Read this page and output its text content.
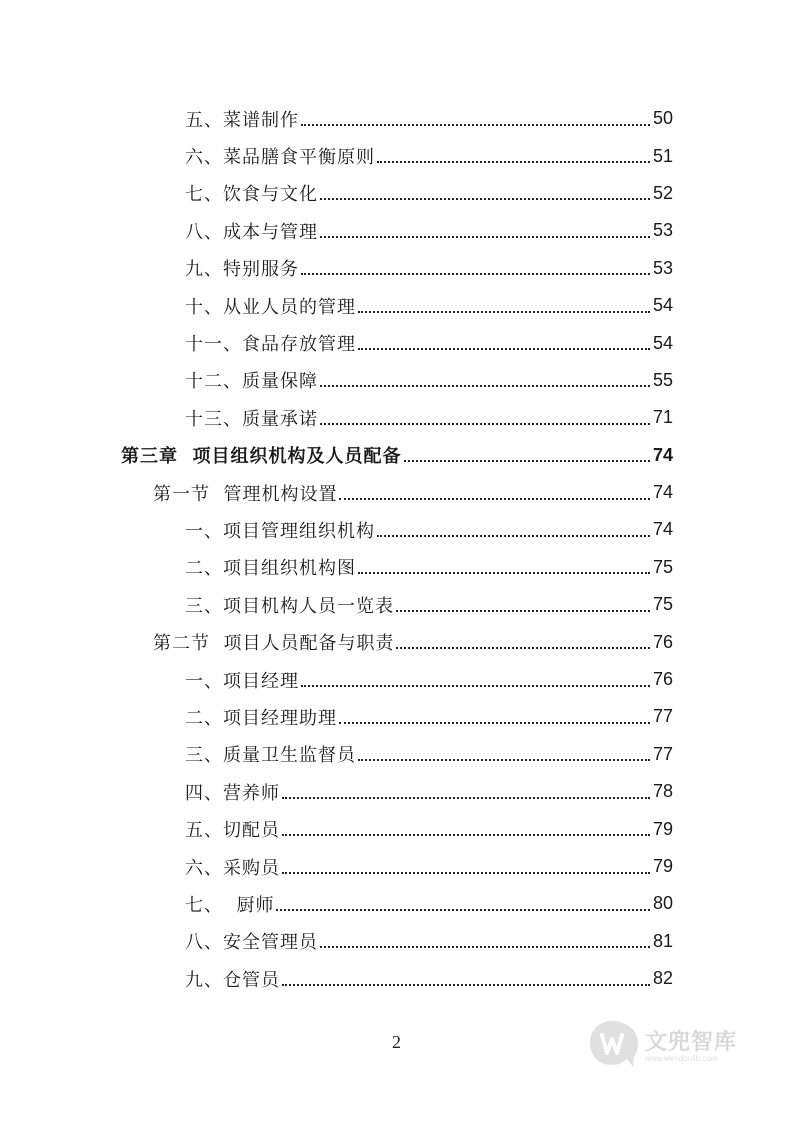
五、菜谱制作	50
六、菜品膳食平衡原则	51
七、饮食与文化	52
八、成本与管理	53
九、特别服务	53
十、从业人员的管理	54
十一、食品存放管理	54
十二、质量保障	55
十三、质量承诺	71
第三章  项目组织机构及人员配备	74
第一节  管理机构设置	74
一、项目管理组织机构	74
二、项目组织机构图	75
三、项目机构人员一览表	75
第二节  项目人员配备与职责	76
一、项目经理	76
二、项目经理助理	77
三、质量卫生监督员	77
四、营养师	78
五、切配员	79
六、采购员	79
七、  厨师	80
八、安全管理员	81
九、仓管员	82
2	文兜智库
www.wendoulib.com
